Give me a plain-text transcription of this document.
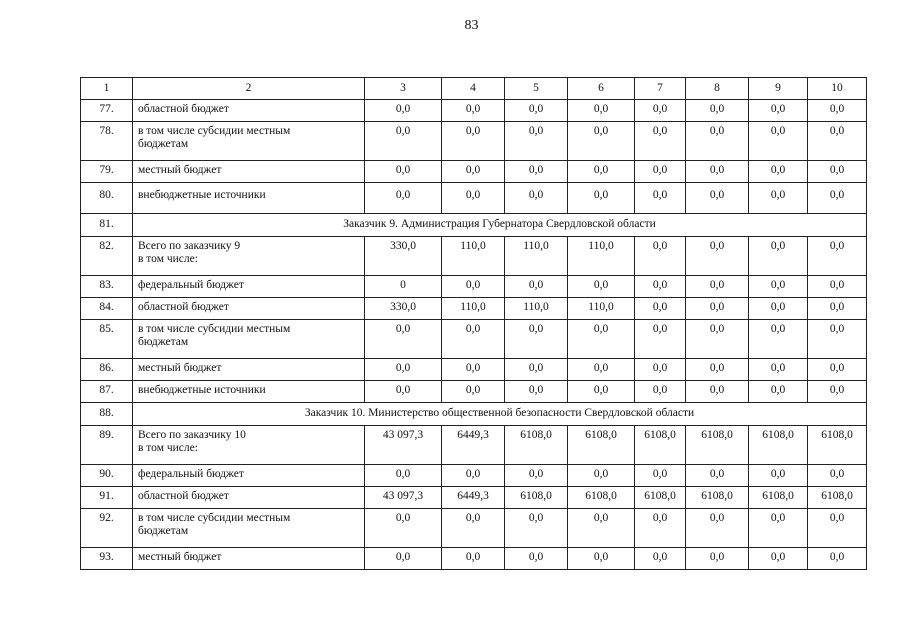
83
1	2	3	4	5	6	7	8	9	10
77.	областной бюджет	0,0	0,0	0,0	0,0	0,0	0,0	0,0	0,0
78.	в том числе субсидии местным
бюджетам	0,0	0,0	0,0	0,0	0,0	0,0	0,0	0,0
79.	местный бюджет	0,0	0,0	0,0	0,0	0,0	0,0	0,0	0,0
80.	внебюджетные источники	0,0	0,0	0,0	0,0	0,0	0,0	0,0	0,0
81.	Заказчик 9. Администрация Губернатора Свердловской области								
82.	Всего по заказчику 9
в том числе:	330,0	110,0	110,0	110,0	0,0	0,0	0,0	0,0
83.	федеральный бюджет	0	0,0	0,0	0,0	0,0	0,0	0,0	0,0
84.	областной бюджет	330,0	110,0	110,0	110,0	0,0	0,0	0,0	0,0
85.	в том числе субсидии местным
бюджетам	0,0	0,0	0,0	0,0	0,0	0,0	0,0	0,0
86.	местный бюджет	0,0	0,0	0,0	0,0	0,0	0,0	0,0	0,0
87.	внебюджетные источники	0,0	0,0	0,0	0,0	0,0	0,0	0,0	0,0
88.	Заказчик 10. Министерство общественной безопасности Свердловской области								
89.	Всего по заказчику 10
в том числе:	43 097,3	6449,3	6108,0	6108,0	6108,0	6108,0	6108,0	6108,0
90.	федеральный бюджет	0,0	0,0	0,0	0,0	0,0	0,0	0,0	0,0
91.	областной бюджет	43 097,3	6449,3	6108,0	6108,0	6108,0	6108,0	6108,0	6108,0
92.	в том числе субсидии местным
бюджетам	0,0	0,0	0,0	0,0	0,0	0,0	0,0	0,0
93.	местный бюджет	0,0	0,0	0,0	0,0	0,0	0,0	0,0	0,0
